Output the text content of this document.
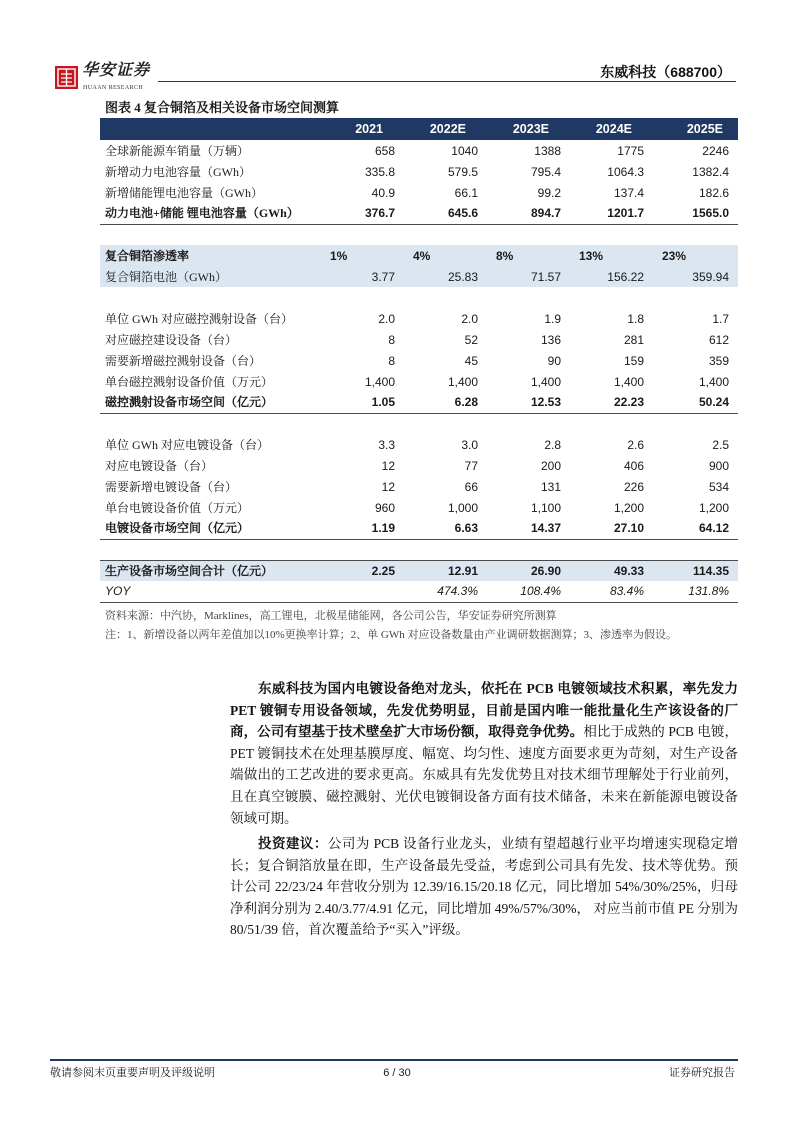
华安证券
HUAAN RESEARCH
东威科技（688700）
图表 4 复合铜箔及相关设备市场空间测算
	2021	2022E	2023E	2024E	2025E
全球新能源车销量（万辆）	658	1040	1388	1775	2246
新增动力电池容量（GWh）	335.8	579.5	795.4	1064.3	1382.4
新增储能锂电池容量（GWh）	40.9	66.1	99.2	137.4	182.6
动力电池+储能 锂电池容量（GWh）	376.7	645.6	894.7	1201.7	1565.0

复合铜箔渗透率	1%	4%	8%	13%	23%
复合铜箔电池（GWh）	3.77	25.83	71.57	156.22	359.94

单位 GWh 对应磁控溅射设备（台）	2.0	2.0	1.9	1.8	1.7
对应磁控建设设备（台）	8	52	136	281	612
需要新增磁控溅射设备（台）	8	45	90	159	359
单台磁控溅射设备价值（万元）	1,400	1,400	1,400	1,400	1,400
磁控溅射设备市场空间（亿元）	1.05	6.28	12.53	22.23	50.24

单位 GWh 对应电镀设备（台）	3.3	3.0	2.8	2.6	2.5
对应电镀设备（台）	12	77	200	406	900
需要新增电镀设备（台）	12	66	131	226	534
单台电镀设备价值（万元）	960	1,000	1,100	1,200	1,200
电镀设备市场空间（亿元）	1.19	6.63	14.37	27.10	64.12

生产设备市场空间合计（亿元）	2.25	12.91	26.90	49.33	114.35
YOY		474.3%	108.4%	83.4%	131.8%
资料来源：中汽协，Marklines，高工锂电，北极星储能网，各公司公告，华安证券研究所测算
注：1、新增设备以两年差值加以10%更换率计算；2、单 GWh 对应设备数量由产业调研数据测算；3、渗透率为假设。
东威科技为国内电镀设备绝对龙头，依托在 PCB 电镀领域技术积累，率先发力 PET 镀铜专用设备领域，先发优势明显，目前是国内唯一能批量化生产该设备的厂商，公司有望基于技术壁垒扩大市场份额，取得竞争优势。相比于成熟的 PCB 电镀，PET 镀铜技术在处理基膜厚度、幅宽、均匀性、速度方面要求更为苛刻，对生产设备端做出的工艺改进的要求更高。东威具有先发优势且对技术细节理解处于行业前列，且在真空镀膜、磁控溅射、光伏电镀铜设备方面有技术储备，未来在新能源电镀设备领域可期。
投资建议：公司为 PCB 设备行业龙头，业绩有望超越行业平均增速实现稳定增长；复合铜箔放量在即，生产设备最先受益，考虑到公司具有先发、技术等优势。预计公司 22/23/24 年营收分别为 12.39/16.15/20.18 亿元，同比增加 54%/30%/25%，归母净利润分别为 2.40/3.77/4.91 亿元，同比增加 49%/57%/30%， 对应当前市值 PE 分别为 80/51/39 倍，首次覆盖给予“买入”评级。
敬请参阅末页重要声明及评级说明	6 / 30	证券研究报告
